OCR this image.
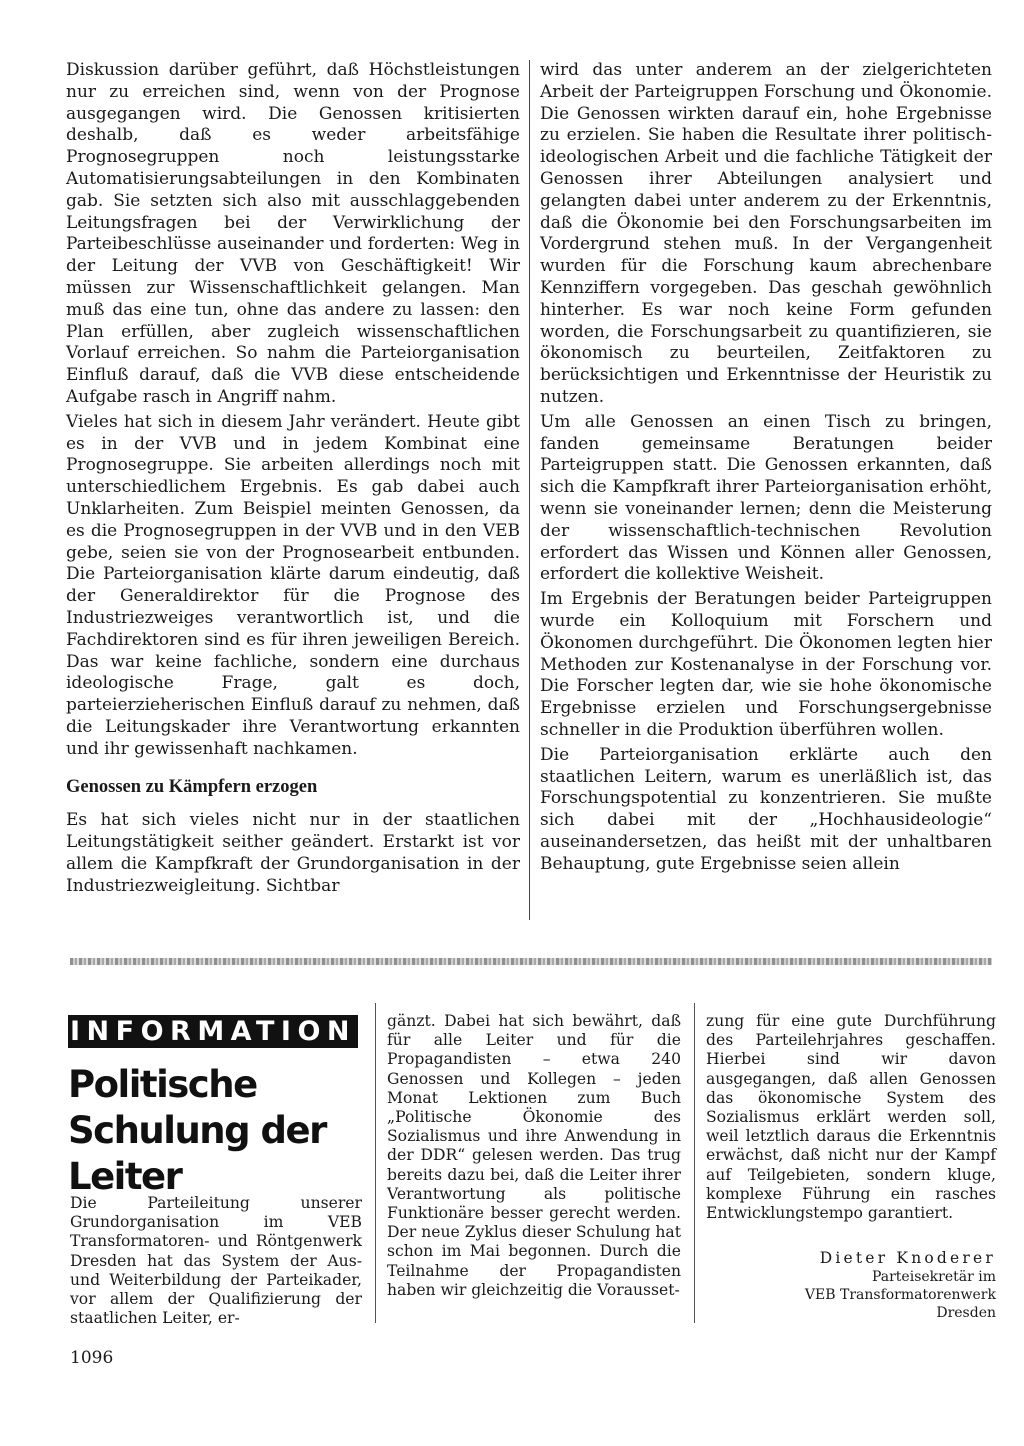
Diskussion darüber geführt, daß Höchstleistungen nur zu erreichen sind, wenn von der Prognose ausgegangen wird. Die Genossen kritisierten deshalb, daß es weder arbeitsfähige Prognosegruppen noch leistungsstarke Automatisierungsabteilungen in den Kombinaten gab. Sie setzten sich also mit ausschlaggebenden Leitungsfragen bei der Verwirklichung der Parteibeschlüsse auseinander und forderten: Weg in der Leitung der VVB von Geschäftigkeit! Wir müssen zur Wissenschaftlichkeit gelangen. Man muß das eine tun, ohne das andere zu lassen: den Plan erfüllen, aber zugleich wissenschaftlichen Vorlauf erreichen. So nahm die Parteiorganisation Einfluß darauf, daß die VVB diese entscheidende Aufgabe rasch in Angriff nahm.

Vieles hat sich in diesem Jahr verändert. Heute gibt es in der VVB und in jedem Kombinat eine Prognosegruppe. Sie arbeiten allerdings noch mit unterschiedlichem Ergebnis. Es gab dabei auch Unklarheiten. Zum Beispiel meinten Genossen, da es die Prognosegruppen in der VVB und in den VEB gebe, seien sie von der Prognosearbeit entbunden. Die Parteiorganisation klärte darum eindeutig, daß der Generaldirektor für die Prognose des Industriezweiges verantwortlich ist, und die Fachdirektoren sind es für ihren jeweiligen Bereich. Das war keine fachliche, sondern eine durchaus ideologische Frage, galt es doch, parteierzieherischen Einfluß darauf zu nehmen, daß die Leitungskader ihre Verantwortung erkannten und ihr gewissenhaft nachkamen.

Genossen zu Kämpfern erzogen

Es hat sich vieles nicht nur in der staatlichen Leitungstätigkeit seither geändert. Erstarkt ist vor allem die Kampfkraft der Grundorganisation in der Industriezweigleitung. Sichtbar

wird das unter anderem an der zielgerichteten Arbeit der Parteigruppen Forschung und Ökonomie. Die Genossen wirkten darauf ein, hohe Ergebnisse zu erzielen. Sie haben die Resultate ihrer politisch-ideologischen Arbeit und die fachliche Tätigkeit der Genossen ihrer Abteilungen analysiert und gelangten dabei unter anderem zu der Erkenntnis, daß die Ökonomie bei den Forschungsarbeiten im Vordergrund stehen muß. In der Vergangenheit wurden für die Forschung kaum abrechenbare Kennziffern vorgegeben. Das geschah gewöhnlich hinterher. Es war noch keine Form gefunden worden, die Forschungsarbeit zu quantifizieren, sie ökonomisch zu beurteilen, Zeitfaktoren zu berücksichtigen und Erkenntnisse der Heuristik zu nutzen.

Um alle Genossen an einen Tisch zu bringen, fanden gemeinsame Beratungen beider Parteigruppen statt. Die Genossen erkannten, daß sich die Kampfkraft ihrer Parteiorganisation erhöht, wenn sie voneinander lernen; denn die Meisterung der wissenschaftlich-technischen Revolution erfordert das Wissen und Können aller Genossen, erfordert die kollektive Weisheit.

Im Ergebnis der Beratungen beider Parteigruppen wurde ein Kolloquium mit Forschern und Ökonomen durchgeführt. Die Ökonomen legten hier Methoden zur Kostenanalyse in der Forschung vor. Die Forscher legten dar, wie sie hohe ökonomische Ergebnisse erzielen und Forschungsergebnisse schneller in die Produktion überführen wollen.

Die Parteiorganisation erklärte auch den staatlichen Leitern, warum es unerläßlich ist, das Forschungspotential zu konzentrieren. Sie mußte sich dabei mit der „Hochhausideologie“ auseinandersetzen, das heißt mit der unhaltbaren Behauptung, gute Ergebnisse seien allein

INFORMATION
Politische Schulung der Leiter
Die Parteileitung unserer Grundorganisation im VEB Transformatoren- und Röntgenwerk Dresden hat das System der Aus- und Weiterbildung der Parteikader, vor allem der Qualifizierung der staatlichen Leiter, er-
gänzt. Dabei hat sich bewährt, daß für alle Leiter und für die Propagandisten – etwa 240 Genossen und Kollegen – jeden Monat Lektionen zum Buch „Politische Ökonomie des Sozialismus und ihre Anwendung in der DDR“ gelesen werden. Das trug bereits dazu bei, daß die Leiter ihrer Verantwortung als politische Funktionäre besser gerecht werden. Der neue Zyklus dieser Schulung hat schon im Mai begonnen. Durch die Teilnahme der Propagandisten haben wir gleichzeitig die Vorausset-
zung für eine gute Durchführung des Parteilehrjahres geschaffen. Hierbei sind wir davon ausgegangen, daß allen Genossen das ökonomische System des Sozialismus erklärt werden soll, weil letztlich daraus die Erkenntnis erwächst, daß nicht nur der Kampf auf Teilgebieten, sondern kluge, komplexe Führung ein rasches Entwicklungstempo garantiert.
Dieter Knoderer
Parteisekretär im
VEB Transformatorenwerk
Dresden
1096
